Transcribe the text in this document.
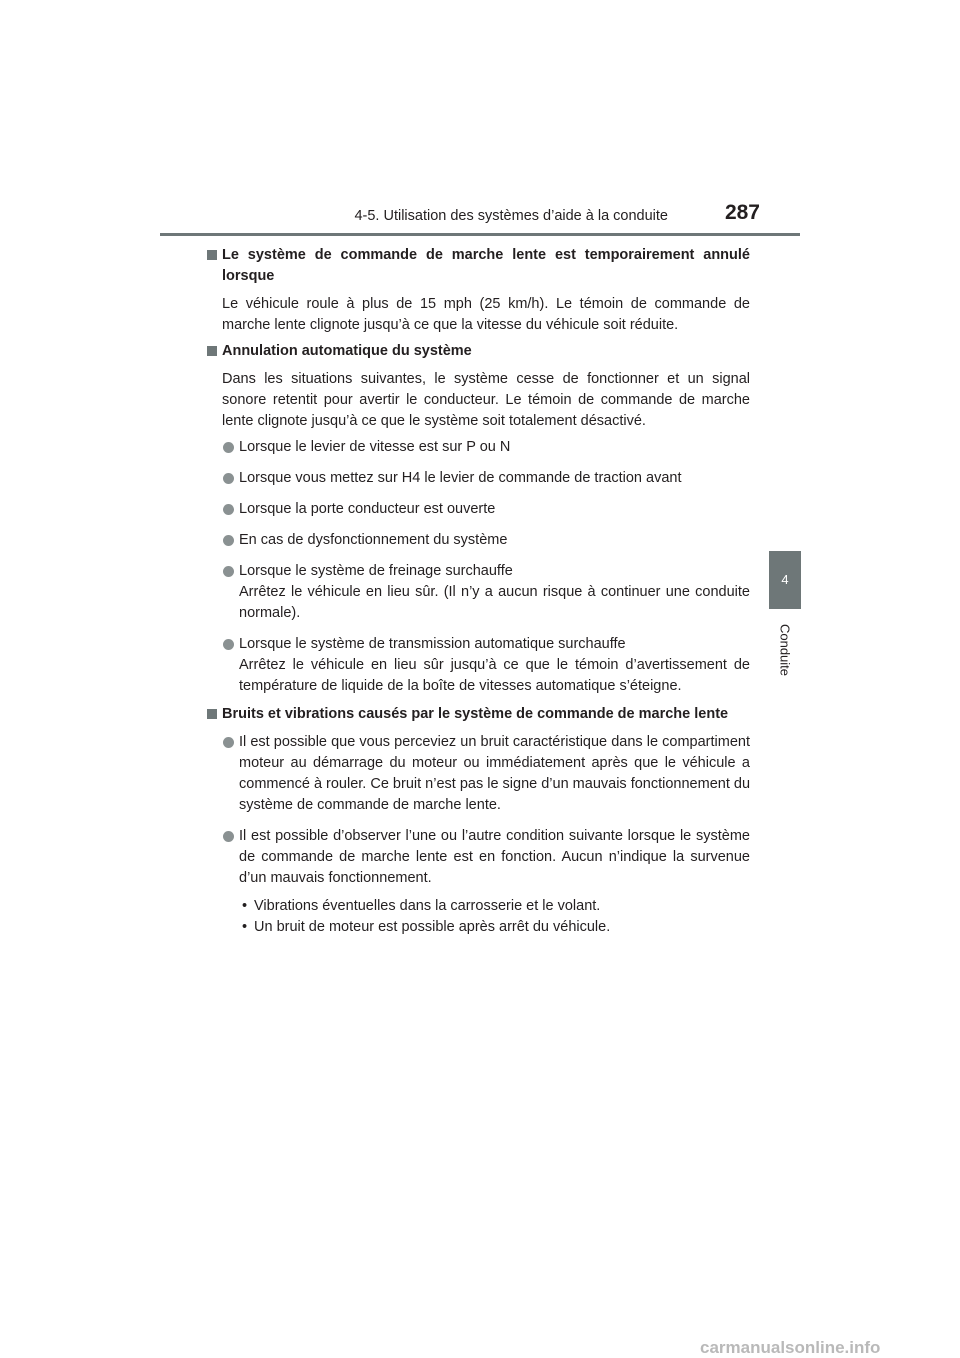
4-5. Utilisation des systèmes d’aide à la conduite	287
4
Conduite
Le système de commande de marche lente est temporairement annulé lorsque
Le véhicule roule à plus de 15 mph (25 km/h). Le témoin de commande de marche lente clignote jusqu’à ce que la vitesse du véhicule soit réduite.
Annulation automatique du système
Dans les situations suivantes, le système cesse de fonctionner et un signal sonore retentit pour avertir le conducteur. Le témoin de commande de marche lente clignote jusqu’à ce que le système soit totalement désactivé.
Lorsque le levier de vitesse est sur P ou N
Lorsque vous mettez sur H4 le levier de commande de traction avant
Lorsque la porte conducteur est ouverte
En cas de dysfonctionnement du système
Lorsque le système de freinage surchauffe
Arrêtez le véhicule en lieu sûr. (Il n’y a aucun risque à continuer une conduite normale).
Lorsque le système de transmission automatique surchauffe
Arrêtez le véhicule en lieu sûr jusqu’à ce que le témoin d’avertissement de température de liquide de la boîte de vitesses automatique s’éteigne.
Bruits et vibrations causés par le système de commande de marche lente
Il est possible que vous perceviez un bruit caractéristique dans le compartiment moteur au démarrage du moteur ou immédiatement après que le véhicule a commencé à rouler. Ce bruit n’est pas le signe d’un mauvais fonctionnement du système de commande de marche lente.
Il est possible d’observer l’une ou l’autre condition suivante lorsque le système de commande de marche lente est en fonction. Aucun n’indique la survenue d’un mauvais fonctionnement.
• Vibrations éventuelles dans la carrosserie et le volant.
• Un bruit de moteur est possible après arrêt du véhicule.
carmanualsonline.info
